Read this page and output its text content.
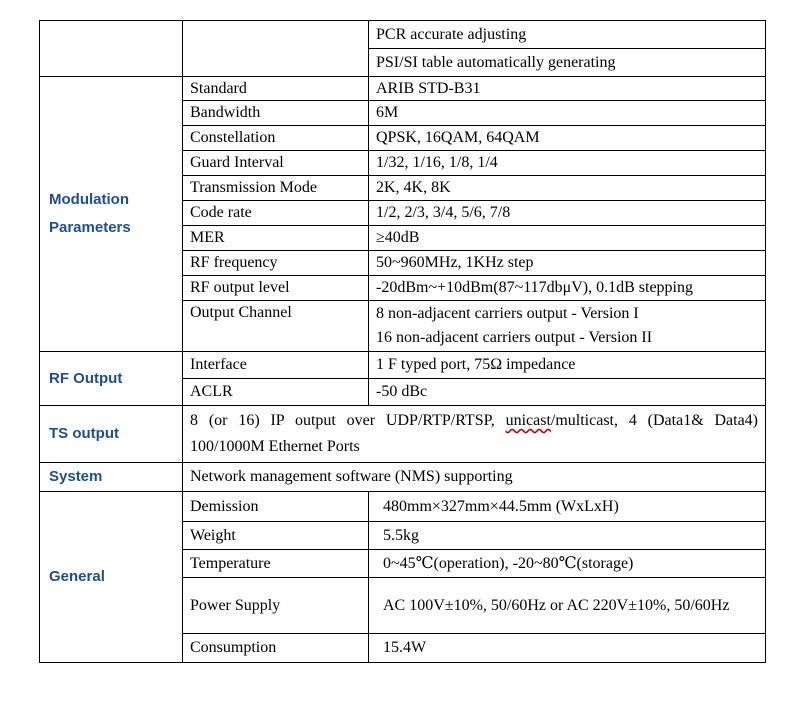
		PCR accurate adjusting
		PSI/SI table automatically generating

Modulation
Parameters	Standard	ARIB STD-B31
	Bandwidth	6M
	Constellation	QPSK, 16QAM, 64QAM
	Guard Interval	1/32, 1/16, 1/8, 1/4
	Transmission Mode	2K, 4K, 8K
	Code rate	1/2, 2/3, 3/4, 5/6, 7/8
	MER	≥40dB
	RF frequency	50~960MHz, 1KHz step
	RF output level	-20dBm~+10dBm(87~117dbμV), 0.1dB stepping
	Output Channel	8 non-adjacent carriers output - Version I
16 non-adjacent carriers output - Version II

RF Output	Interface	1 F typed port, 75Ω impedance
	ACLR	-50 dBc
TS output	8 (or 16) IP output over UDP/RTP/RTSP, unicast/multicast, 4 (Data1& Data4) 100/1000M Ethernet Ports	
System	Network management software (NMS) supporting	
General	Demission	480mm×327mm×44.5mm (WxLxH)
	Weight	5.5kg
	Temperature	0~45℃(operation), -20~80℃(storage)
	Power Supply	AC 100V±10%, 50/60Hz or AC 220V±10%, 50/60Hz
	Consumption	15.4W
